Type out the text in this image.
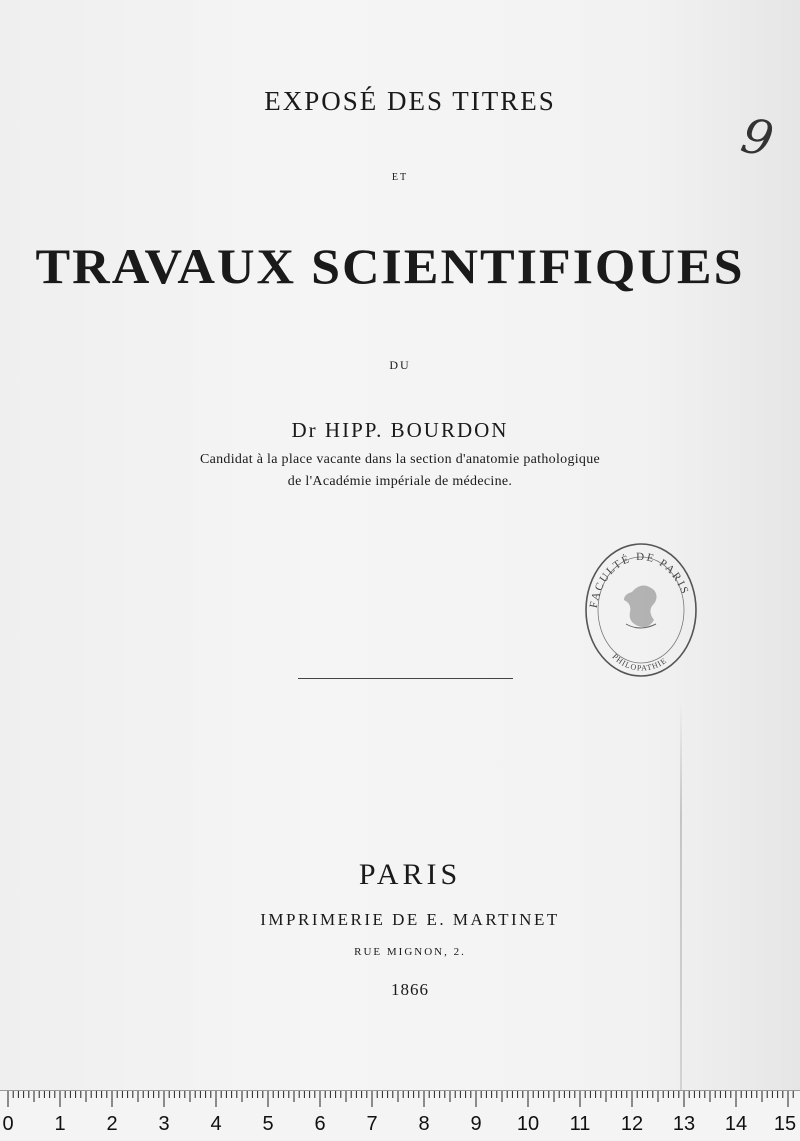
EXPOSÉ DES TITRES
ET
TRAVAUX SCIENTIFIQUES
DU
Dr HIPP. BOURDON
Candidat à la place vacante dans la section d'anatomie pathologique
de l'Académie impériale de médecine.
PARIS
IMPRIMERIE DE E. MARTINET
RUE MIGNON, 2.
1866
9
FACULTÉ DE PARIS
PHILOPATHIE
0	1	2	3	4	5	6	7	8	9	10 11 12 13 14 15
